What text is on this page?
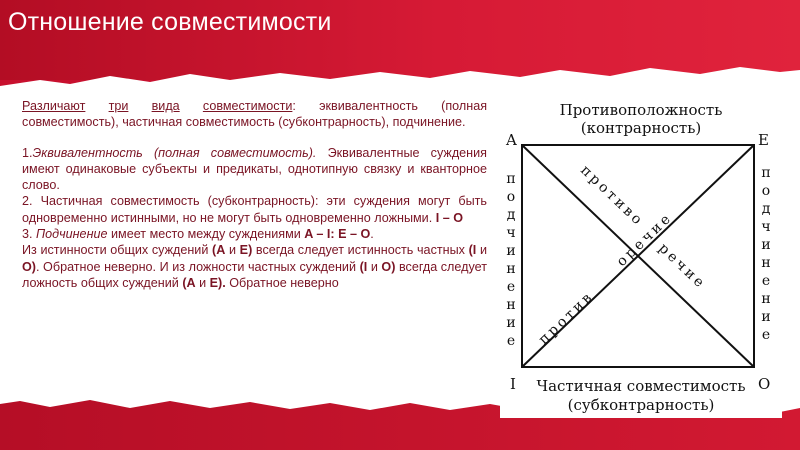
Отношение совместимости

Различают три вида совместимости: эквивалентность (полная совместимость), частичная совместимость (субконтрарность), подчинение.

1.Эквивалентность (полная совместимость). Эквивалентные суждения имеют одинаковые субъекты и предикаты, однотипную связку и кванторное слово.

2. Частичная совместимость (субконтрарность): эти суждения могут быть одновременно истинными, но не могут быть одновременно ложными. I – O

3. Подчинение имеет место между суждениями A – I: E – O.

Из истинности общих суждений (А и Е) всегда следует истинность частных (I и О). Обратное неверно. И из ложности частных суждений (I и O) всегда следует ложность общих суждений (А и Е). Обратное неверно

Противоположность
(контрарность)
A	E
I	O
противо
речие
против
оречие
п
о
д
ч
и
н
е
н
и
е
п
о
д
ч
и
н
е
н
и
е
Частичная совместимость
(субконтрарность)
